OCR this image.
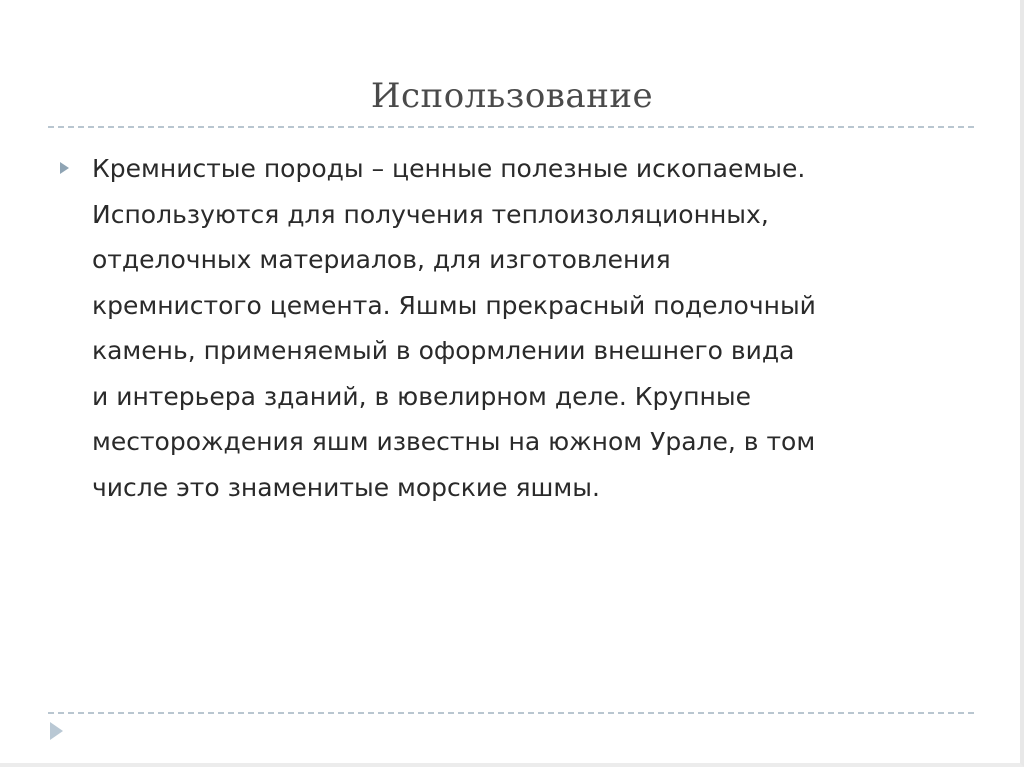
Использование

Кремнистые породы – ценные полезные ископаемые.
Используются для получения теплоизоляционных,
отделочных материалов, для изготовления
кремнистого цемента. Яшмы прекрасный поделочный
камень, применяемый в оформлении внешнего вида
и интерьера зданий, в ювелирном деле. Крупные
месторождения яшм известны на южном Урале, в том
числе это знаменитые морские яшмы.
